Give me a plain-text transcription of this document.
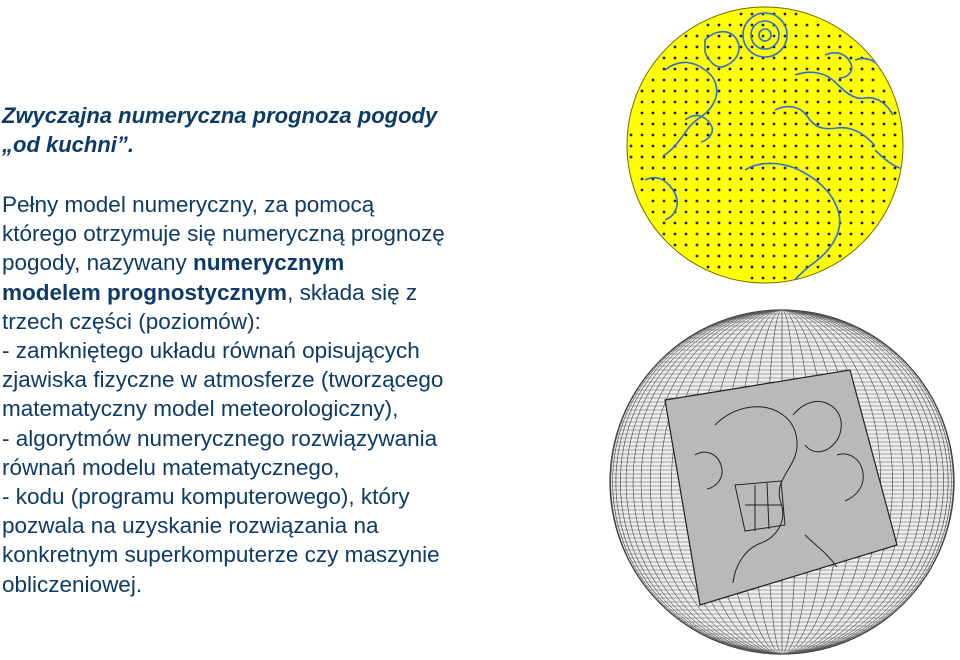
Zwyczajna numeryczna prognoza pogody
„od kuchni”.
Pełny model numeryczny, za pomocą
którego otrzymuje się numeryczną prognozę
pogody, nazywany numerycznym
modelem prognostycznym, składa się z
trzech części (poziomów):
- zamkniętego układu równań opisujących
zjawiska fizyczne w atmosferze (tworzącego
matematyczny model meteorologiczny),
- algorytmów numerycznego rozwiązywania
równań modelu matematycznego,
- kodu (programu komputerowego), który
pozwala na uzyskanie rozwiązania na
konkretnym superkomputerze czy maszynie
obliczeniowej.
